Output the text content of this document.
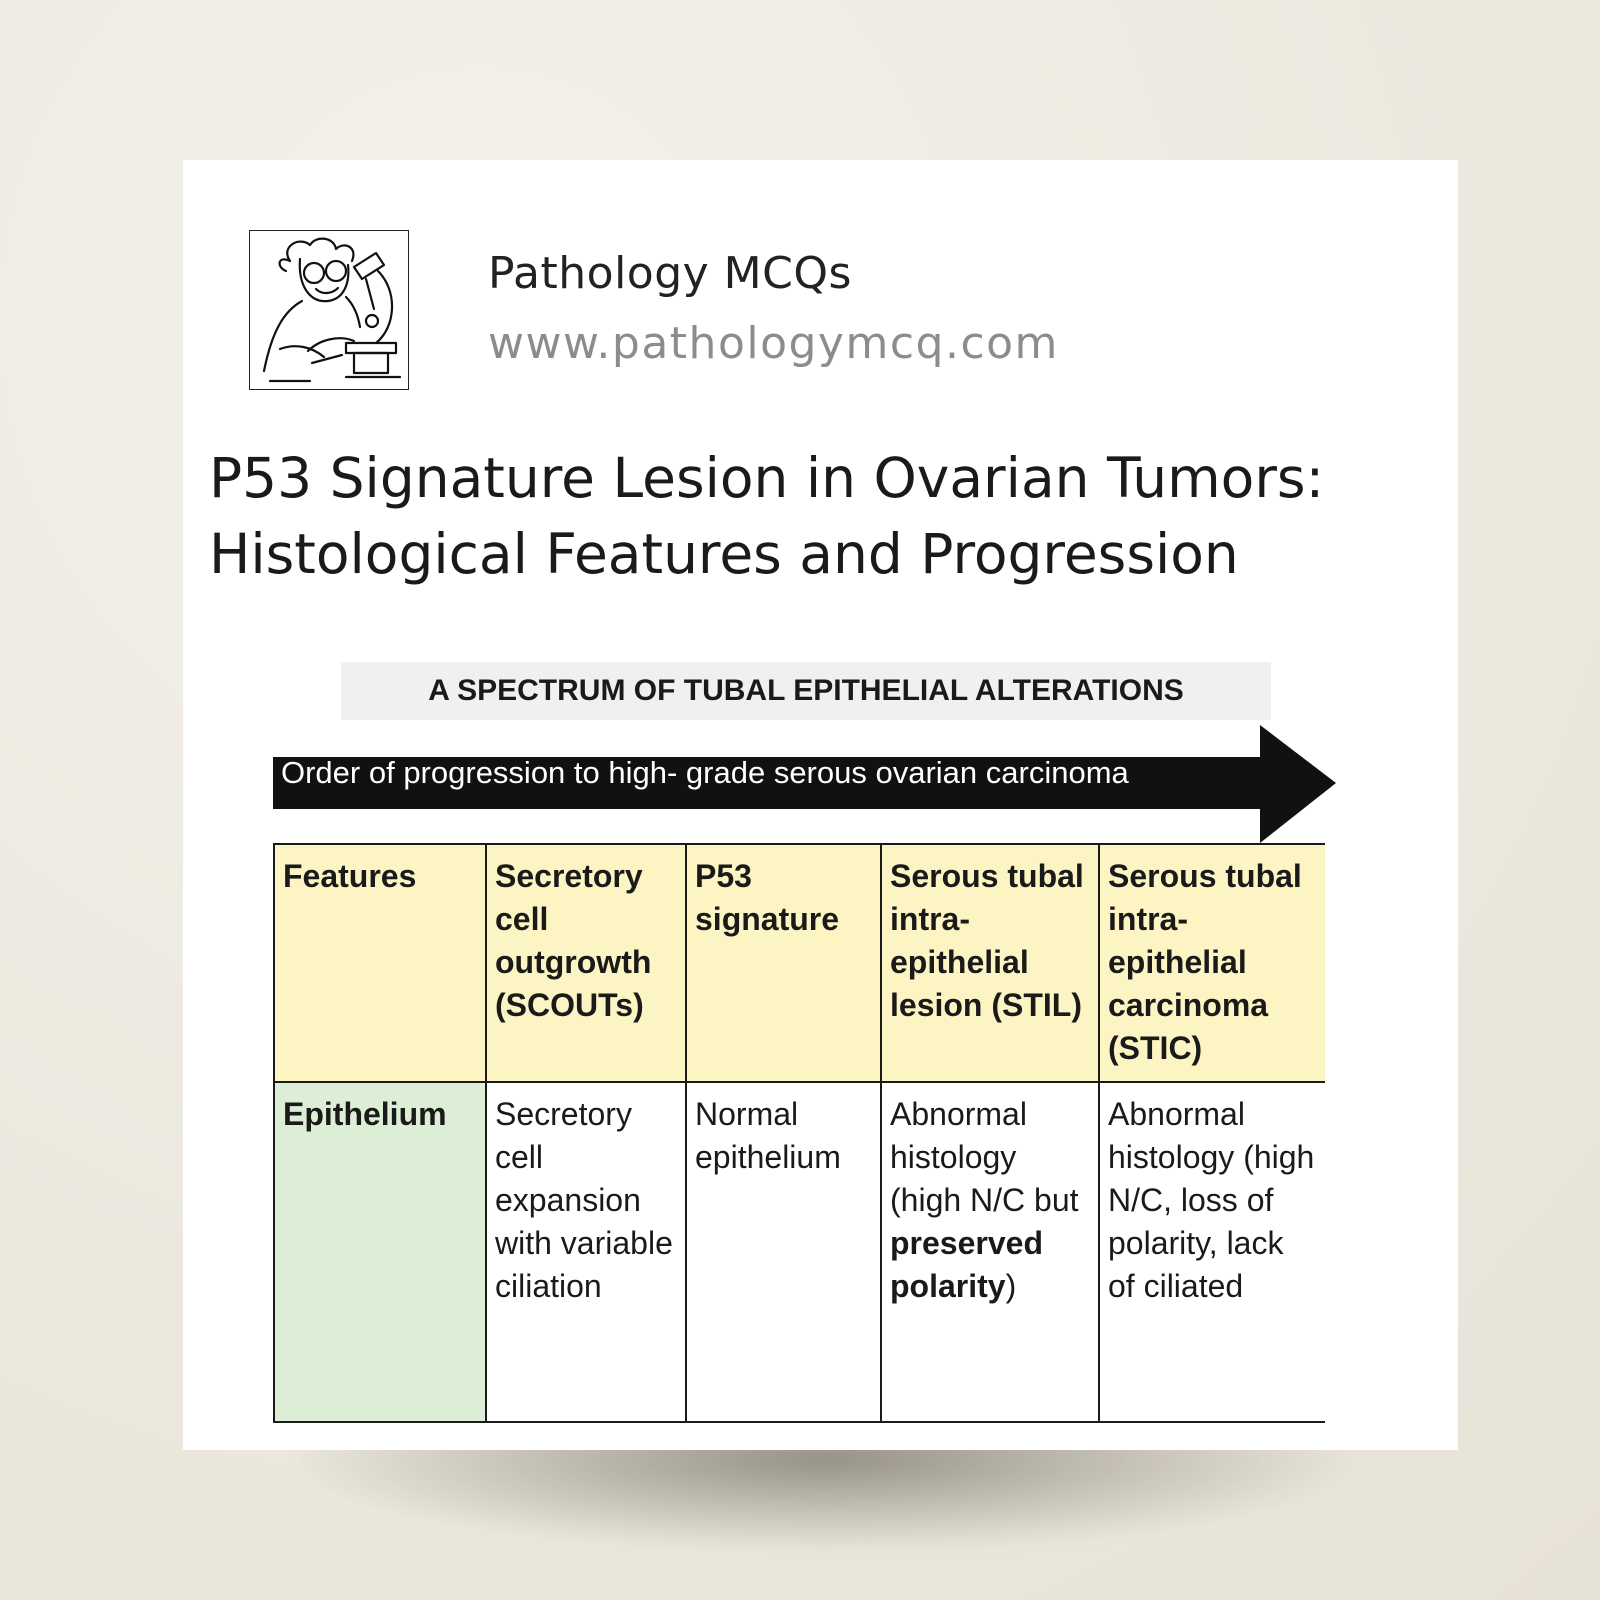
Pathology MCQs
www.pathologymcq.com
P53 Signature Lesion in Ovarian Tumors:
Histological Features and Progression
A SPECTRUM OF TUBAL EPITHELIAL ALTERATIONS
Order of progression to high- grade serous ovarian carcinoma
Features	Secretory cell outgrowth (SCOUTs)	P53 signature	Serous tubal intra-epithelial lesion (STIL)	Serous tubal intra-epithelial carcinoma (STIC)
Epithelium	Secretory cell expansion with variable ciliation	Normal epithelium	Abnormal histology (high N/C but preserved polarity)	Abnormal histology (high N/C, loss of polarity, lack of ciliated
